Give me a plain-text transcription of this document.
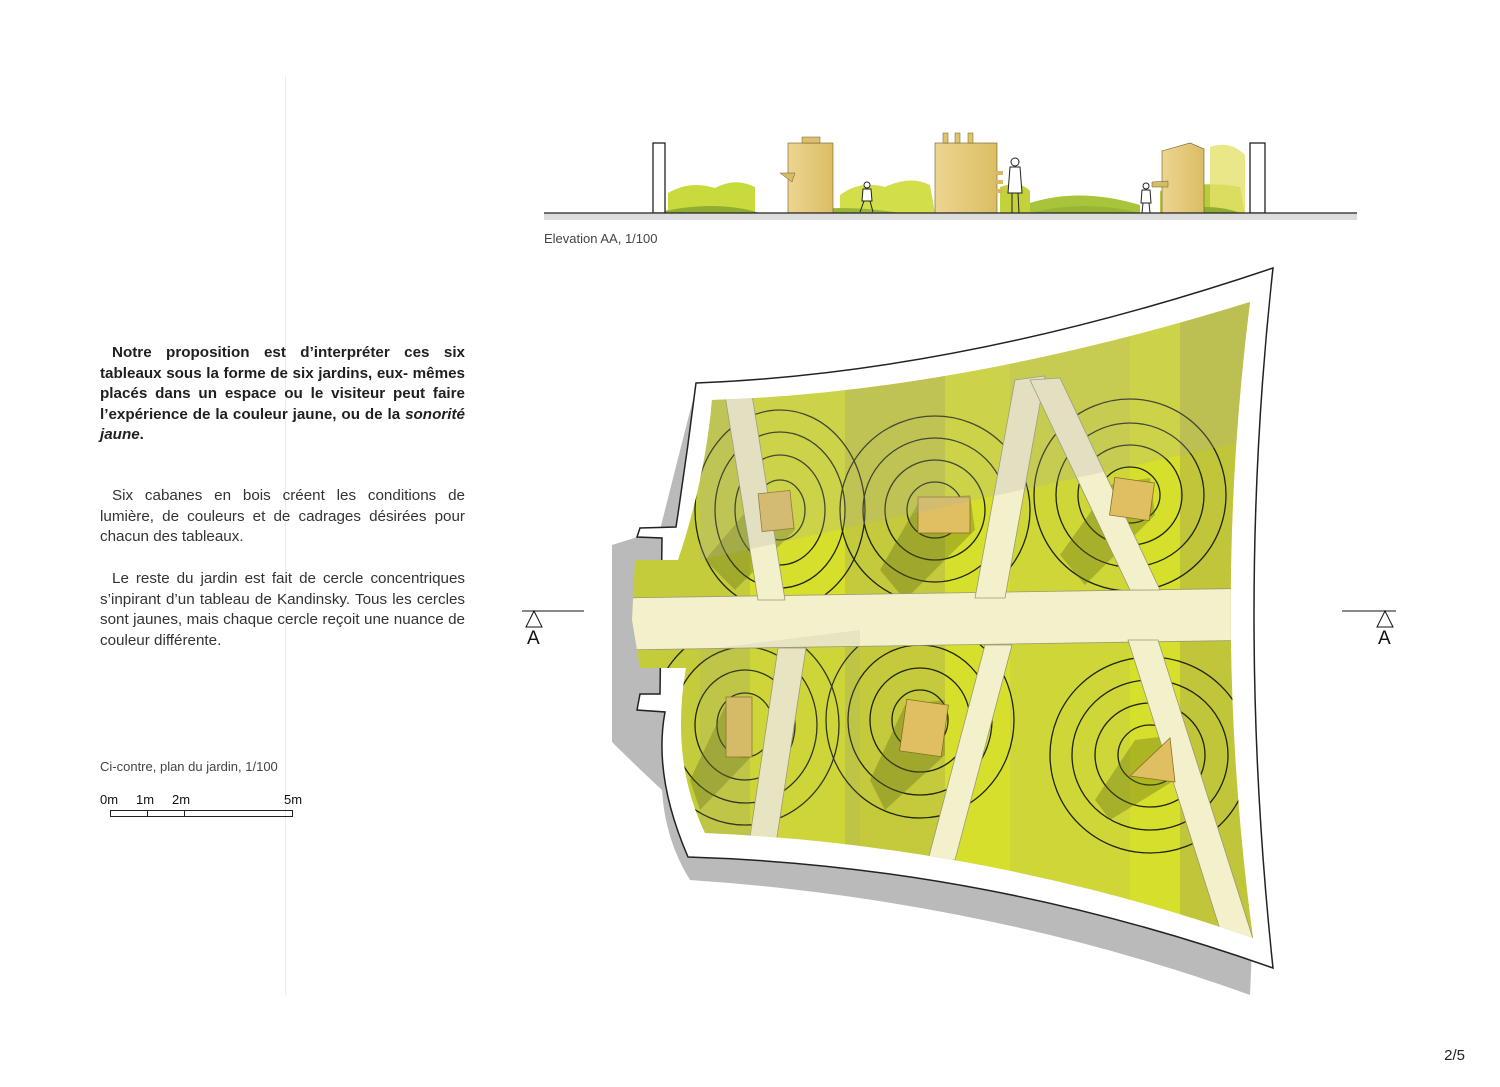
Notre proposition est d’interpréter ces six tableaux sous la forme de six jardins, eux- mêmes placés dans un espace ou le visiteur peut faire l’expérience de la couleur jaune, ou de la sonorité jaune.

Six cabanes en bois créent les conditions de lumière, de couleurs et de cadrages désirées pour chacun des tableaux.

Le reste du jardin est fait de cercle concentriques s’inpirant d’un tableau de Kandinsky. Tous les cercles sont jaunes, mais chaque cercle reçoit une nuance de couleur différente.

Ci-contre, plan du jardin, 1/100
0m 1m 2m	5m
Elevation AA, 1/100
A	A
2/5
